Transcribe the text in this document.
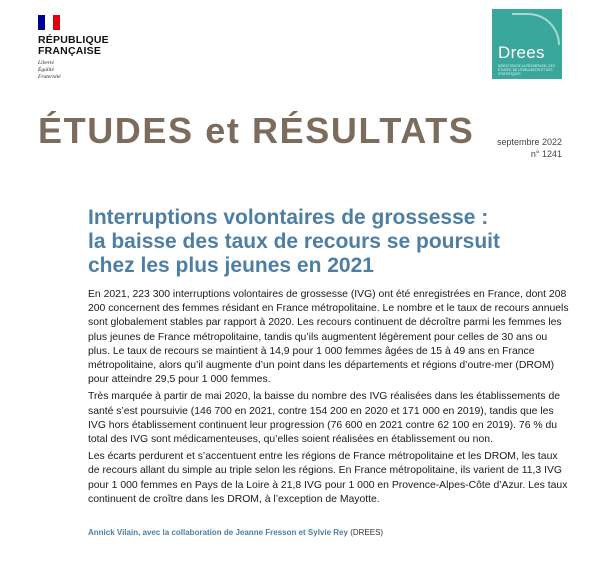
RÉPUBLIQUE
FRANÇAISE
Liberté
Égalité
Fraternité
Drees
DIRECTION DE LA RECHERCHE, DES ÉTUDES, DE L'ÉVALUATION ET DES STATISTIQUES
ÉTUDES et RÉSULTATS	septembre 2022
n° 1241
Interruptions volontaires de grossesse :
la baisse des taux de recours se poursuit
chez les plus jeunes en 2021

En 2021, 223 300 interruptions volontaires de grossesse (IVG) ont été enregistrées en France, dont 208 200 concernent des femmes résidant en France métropolitaine. Le nombre et le taux de recours annuels sont globalement stables par rapport à 2020. Les recours continuent de décroître parmi les femmes les plus jeunes de France métropolitaine, tandis qu’ils augmentent légèrement pour celles de 30 ans ou plus. Le taux de recours se maintient à 14,9 pour 1 000 femmes âgées de 15 à 49 ans en France métropolitaine, alors qu’il augmente d’un point dans les départements et régions d’outre-mer (DROM) pour atteindre 29,5 pour 1 000 femmes.

Très marquée à partir de mai 2020, la baisse du nombre des IVG réalisées dans les établissements de santé s’est poursuivie (146 700 en 2021, contre 154 200 en 2020 et 171 000 en 2019), tandis que les IVG hors établissement continuent leur progression (76 600 en 2021 contre 62 100 en 2019). 76 % du total des IVG sont médicamenteuses, qu’elles soient réalisées en établissement ou non.

Les écarts perdurent et s’accentuent entre les régions de France métropolitaine et les DROM, les taux de recours allant du simple au triple selon les régions. En France métropolitaine, ils varient de 11,3 IVG pour 1 000 femmes en Pays de la Loire à 21,8 IVG pour 1 000 en Provence-Alpes-Côte d’Azur. Les taux continuent de croître dans les DROM, à l’exception de Mayotte.

Annick Vilain, avec la collaboration de Jeanne Fresson et Sylvie Rey (DREES)
